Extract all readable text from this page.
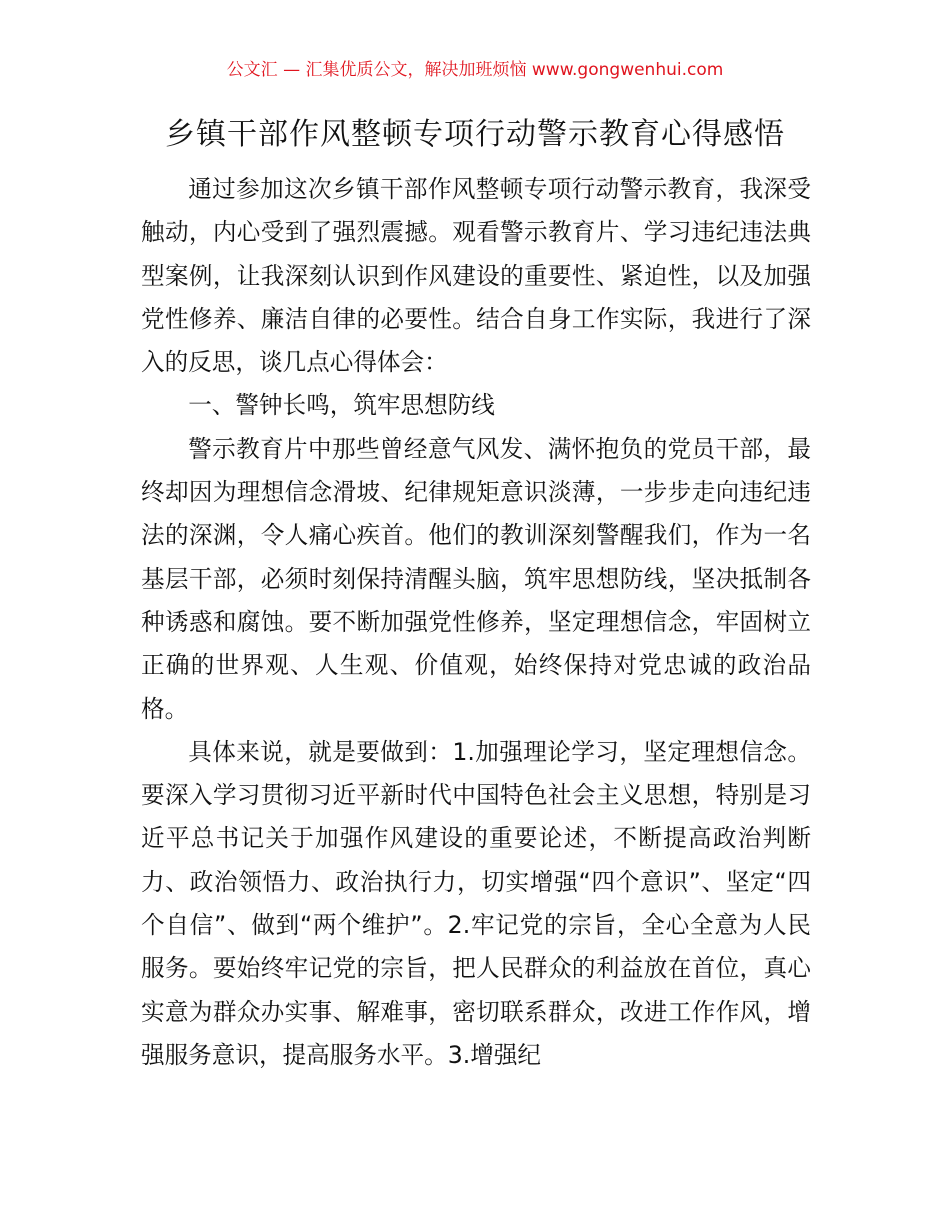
公文汇 — 汇集优质公文，解决加班烦恼 www.gongwenhui.com
乡镇干部作风整顿专项行动警示教育心得感悟

通过参加这次乡镇干部作风整顿专项行动警示教育，我深受触动，内心受到了强烈震撼。观看警示教育片、学习违纪违法典型案例，让我深刻认识到作风建设的重要性、紧迫性，以及加强党性修养、廉洁自律的必要性。结合自身工作实际，我进行了深入的反思，谈几点心得体会：

一、警钟长鸣，筑牢思想防线

警示教育片中那些曾经意气风发、满怀抱负的党员干部，最终却因为理想信念滑坡、纪律规矩意识淡薄，一步步走向违纪违法的深渊，令人痛心疾首。他们的教训深刻警醒我们，作为一名基层干部，必须时刻保持清醒头脑，筑牢思想防线，坚决抵制各种诱惑和腐蚀。要不断加强党性修养，坚定理想信念，牢固树立正确的世界观、人生观、价值观，始终保持对党忠诚的政治品格。

具体来说，就是要做到：1.加强理论学习，坚定理想信念。要深入学习贯彻习近平新时代中国特色社会主义思想，特别是习近平总书记关于加强作风建设的重要论述，不断提高政治判断力、政治领悟力、政治执行力，切实增强“四个意识”、坚定“四个自信”、做到“两个维护”。2.牢记党的宗旨，全心全意为人民服务。要始终牢记党的宗旨，把人民群众的利益放在首位，真心实意为群众办实事、解难事，密切联系群众，改进工作作风，增强服务意识，提高服务水平。3.增强纪
